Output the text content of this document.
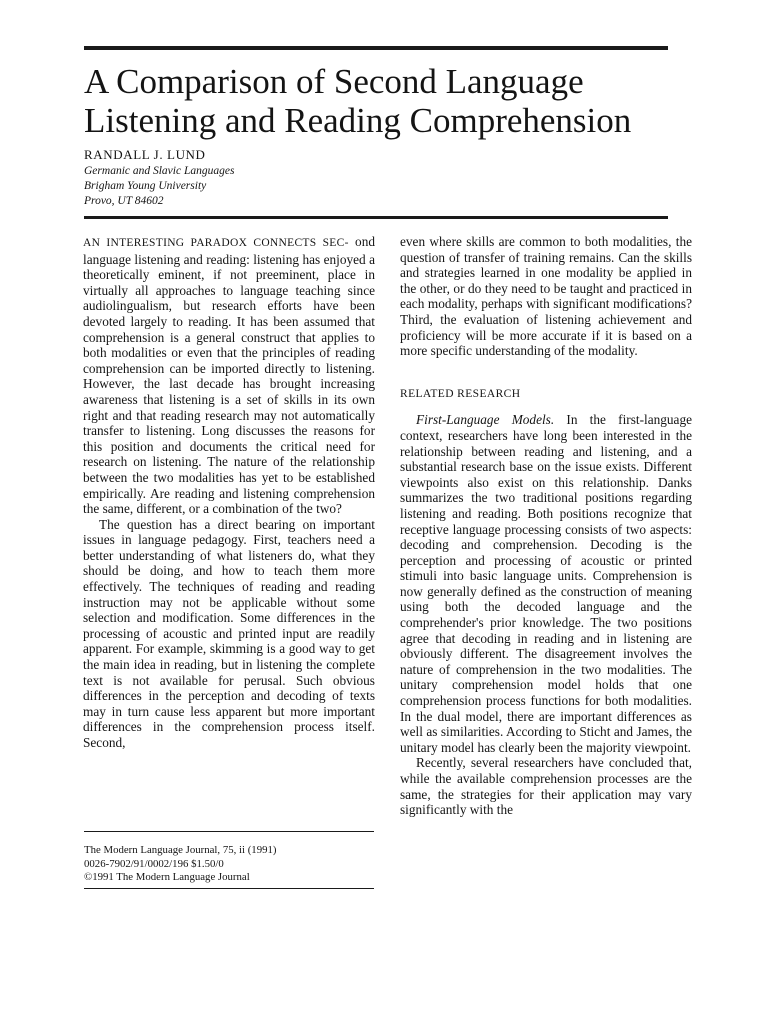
A Comparison of Second Language
Listening and Reading Comprehension
RANDALL J. LUND
Germanic and Slavic Languages
Brigham Young University
Provo, UT 84602

AN INTERESTING PARADOX CONNECTS SEC- ond language listening and reading: listening has enjoyed a theoretically eminent, if not preeminent, place in virtually all approaches to language teaching since audiolingualism, but research efforts have been devoted largely to reading. It has been assumed that comprehension is a general construct that applies to both modalities or even that the principles of reading comprehension can be imported directly to listening. However, the last decade has brought increasing awareness that listening is a set of skills in its own right and that reading research may not automatically transfer to listening. Long discusses the reasons for this position and documents the critical need for research on listening. The nature of the relationship between the two modalities has yet to be established empirically. Are reading and listening comprehension the same, different, or a combination of the two?

The question has a direct bearing on important issues in language pedagogy. First, teachers need a better understanding of what listeners do, what they should be doing, and how to teach them more effectively. The techniques of reading and reading instruction may not be applicable without some selection and modification. Some differences in the processing of acoustic and printed input are readily apparent. For example, skimming is a good way to get the main idea in reading, but in listening the complete text is not available for perusal. Such obvious differences in the perception and decoding of texts may in turn cause less apparent but more important differences in the comprehension process itself. Second,

even where skills are common to both modalities, the question of transfer of training remains. Can the skills and strategies learned in one modality be applied in the other, or do they need to be taught and practiced in each modality, perhaps with significant modifications? Third, the evaluation of listening achievement and proficiency will be more accurate if it is based on a more specific understanding of the modality.

RELATED RESEARCH

First-Language Models. In the first-language context, researchers have long been interested in the relationship between reading and listening, and a substantial research base on the issue exists. Different viewpoints also exist on this relationship. Danks summarizes the two traditional positions regarding listening and reading. Both positions recognize that receptive language processing consists of two aspects: decoding and comprehension. Decoding is the perception and processing of acoustic or printed stimuli into basic language units. Comprehension is now generally defined as the construction of meaning using both the decoded language and the comprehender's prior knowledge. The two positions agree that decoding in reading and in listening are obviously different. The disagreement involves the nature of comprehension in the two modalities. The unitary comprehension model holds that one comprehension process functions for both modalities. In the dual model, there are important differences as well as similarities. According to Sticht and James, the unitary model has clearly been the majority viewpoint.

Recently, several researchers have concluded that, while the available comprehension processes are the same, the strategies for their application may vary significantly with the

The Modern Language Journal, 75, ii (1991)
0026-7902/91/0002/196 $1.50/0
©1991 The Modern Language Journal
